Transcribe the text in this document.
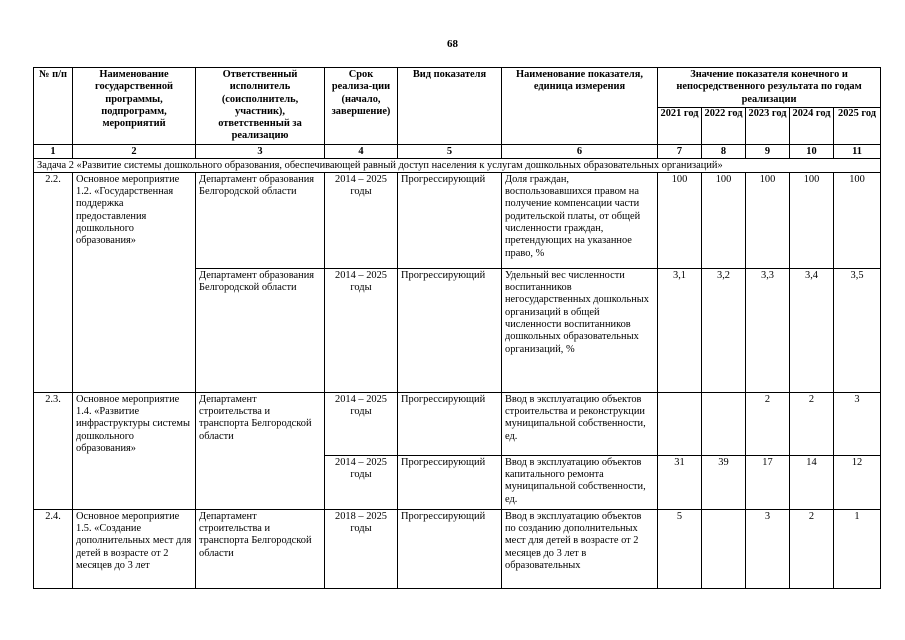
68
№ п/п	Наименование государственной программы, подпрограмм, мероприятий	Ответственный исполнитель (соисполнитель, участник), ответственный за реализацию	Срок реализа-ции (начало, завершение)	Вид показателя	Наименование показателя, единица измерения	Значение показателя конечного и непосредственного результата по годам реализации				
						2021 год	2022 год	2023 год	2024 год	2025 год
1	2	3	4	5	6	7	8	9	10	11
Задача 2 «Развитие системы дошкольного образования, обеспечивающей равный доступ населения к услугам дошкольных образовательных организаций»										
2.2.	Основное мероприятие 1.2. «Государственная поддержка предоставления дошкольного образования»	Департамент образования Белгородской области	2014 – 2025 годы	Прогрессирующий	Доля граждан, воспользовавшихся правом на получение компенсации части родительской платы, от общей численности граждан, претендующих на указанное право, %	100	100	100	100	100
		Департамент образования Белгородской области	2014 – 2025 годы	Прогрессирующий	Удельный вес численности воспитанников негосударственных дошкольных организаций в общей численности воспитанников дошкольных образовательных организаций, %	3,1	3,2	3,3	3,4	3,5
2.3.	Основное мероприятие 1.4. «Развитие инфраструктуры системы дошкольного образования»	Департамент строительства и транспорта Белгородской области	2014 – 2025 годы	Прогрессирующий	Ввод в эксплуатацию объектов строительства и реконструкции муниципальной собственности, ед.			2	2	3
			2014 – 2025 годы	Прогрессирующий	Ввод в эксплуатацию объектов капитального ремонта муниципальной собственности, ед.	31	39	17	14	12
2.4.	Основное мероприятие 1.5. «Создание дополнительных мест для детей в возрасте от 2 месяцев до 3 лет	Департамент строительства и транспорта Белгородской области	2018 – 2025 годы	Прогрессирующий	Ввод в эксплуатацию объектов по созданию дополнительных мест для детей в возрасте от 2 месяцев до 3 лет в образовательных	5		3	2	1
